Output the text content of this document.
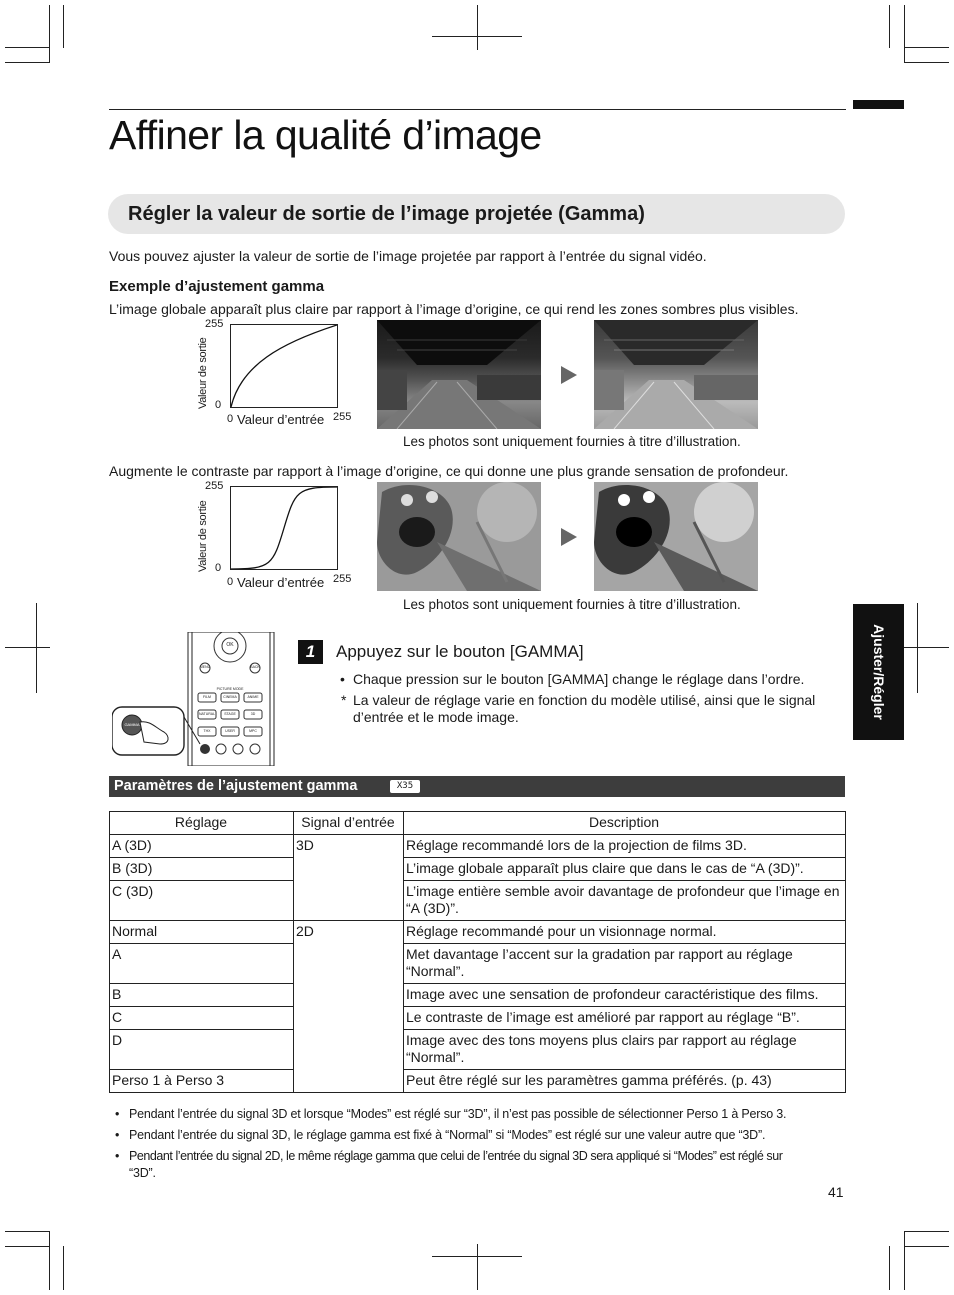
Affiner la qualité d’image
Régler la valeur de sortie de l’image projetée (Gamma)
Vous pouvez ajuster la valeur de sortie de l’image projetée par rapport à l’entrée du signal vidéo.
Exemple d’ajustement gamma
L’image globale apparaît plus claire par rapport à l’image d’origine, ce qui rend les zones sombres plus visibles.
255
0
Valeur de sortie
0 Valeur d’entrée 255
Les photos sont uniquement fournies à titre d’illustration.
Augmente le contraste par rapport à l’image d’origine, ce qui donne une plus grande sensation de profondeur.
255
0
Valeur de sortie
0 Valeur d’entrée 255
Les photos sont uniquement fournies à titre d’illustration.
Ajuster/Régler
OK
MENU	BACK
PICTURE MODE
FILM	CINEMA	ANIME
NATURAL	STAGE	3D
THX	USER	MPC
GAMMA
1	Appuyez sur le bouton [GAMMA]
• Chaque pression sur le bouton [GAMMA] change le réglage dans l’ordre.
* La valeur de réglage varie en fonction du modèle utilisé, ainsi que le signal
d’entrée et le mode image.
Paramètres de l’ajustement gamma	X35
Réglage	Signal d’entrée	Description
A (3D)	3D	Réglage recommandé lors de la projection de films 3D.
B (3D)		L’image globale apparaît plus claire que dans le cas de “A (3D)”.
C (3D)		L’image entière semble avoir davantage de profondeur que l’image en “A (3D)”.
Normal	2D	Réglage recommandé pour un visionnage normal.
A		Met davantage l’accent sur la gradation par rapport au réglage “Normal”.
B		Image avec une sensation de profondeur caractéristique des films.
C		Le contraste de l’image est amélioré par rapport au réglage “B”.
D		Image avec des tons moyens plus clairs par rapport au réglage “Normal”.
Perso 1 à Perso 3		Peut être réglé sur les paramètres gamma préférés. (p. 43)
• Pendant l’entrée du signal 3D et lorsque “Modes” est réglé sur “3D”, il n’est pas possible de sélectionner Perso 1 à Perso 3.
• Pendant l’entrée du signal 3D, le réglage gamma est fixé à “Normal” si “Modes” est réglé sur une valeur autre que “3D”.
• Pendant l’entrée du signal 2D, le même réglage gamma que celui de l’entrée du signal 3D sera appliqué si “Modes” est réglé sur
“3D”.
41
